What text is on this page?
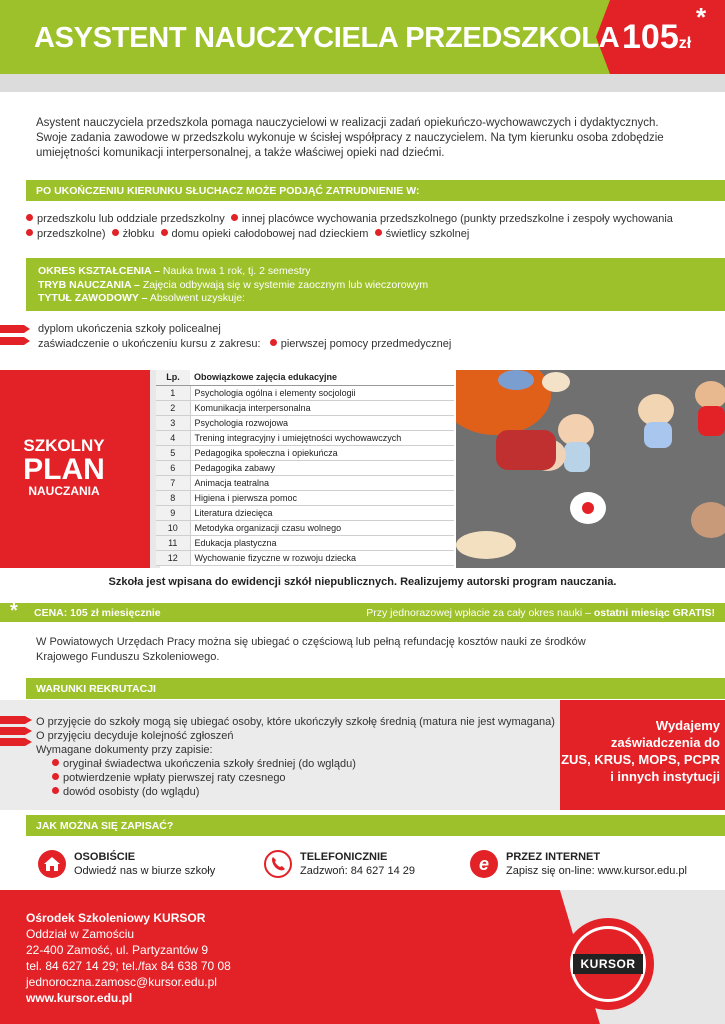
ASYSTENT NAUCZYCIELA PRZEDSZKOLA 105zł
*
Asystent nauczyciela przedszkola pomaga nauczycielowi w realizacji zadań opiekuńczo-wychowawczych i dydaktycznych.
Swoje zadania zawodowe w przedszkolu wykonuje w ścisłej współpracy z nauczycielem. Na tym kierunku osoba zdobędzie
umiejętności komunikacji interpersonalnej, a także właściwej opieki nad dziećmi.
PO UKOŃCZENIU KIERUNKU SŁUCHACZ MOŻE PODJĄĆ ZATRUDNIENIE W:
przedszkolu lub oddziale przedszkolny innej placówce wychowania przedszkolnego (punkty przedszkolne i zespoły wychowania
przedszkolne) żłobku domu opieki całodobowej nad dzieckiem świetlicy szkolnej
OKRES KSZTAŁCENIA – Nauka trwa 1 rok, tj. 2 semestry
TRYB NAUCZANIA – Zajęcia odbywają się w systemie zaocznym lub wieczorowym
TYTUŁ ZAWODOWY – Absolwent uzyskuje:
dyplom ukończenia szkoły policealnej
zaświadczenie o ukończeniu kursu z zakresu: pierwszej pomocy przedmedycznej
SZKOLNY
PLAN
NAUCZANIA
Lp.	Obowiązkowe zajęcia edukacyjne
1	Psychologia ogólna i elementy socjologii
2	Komunikacja interpersonalna
3	Psychologia rozwojowa
4	Trening integracyjny i umiejętności wychowawczych
5	Pedagogika społeczna i opiekuńcza
6	Pedagogika zabawy
7	Animacja teatralna
8	Higiena i pierwsza pomoc
9	Literatura dziecięca
10	Metodyka organizacji czasu wolnego
11	Edukacja plastyczna
12	Wychowanie fizyczne w rozwoju dziecka
Szkoła jest wpisana do ewidencji szkół niepublicznych. Realizujemy autorski program nauczania.
* CENA: 105 zł miesięcznie	Przy jednorazowej wpłacie za cały okres nauki – ostatni miesiąc GRATIS!
W Powiatowych Urzędach Pracy można się ubiegać o częściową lub pełną refundację kosztów nauki ze środków
Krajowego Funduszu Szkoleniowego.
WARUNKI REKRUTACJI
O przyjęcie do szkoły mogą się ubiegać osoby, które ukończyły szkołę średnią (matura nie jest wymagana)
O przyjęciu decyduje kolejność zgłoszeń
Wymagane dokumenty przy zapisie:
oryginał świadectwa ukończenia szkoły średniej (do wglądu)
potwierdzenie wpłaty pierwszej raty czesnego
dowód osobisty (do wglądu)
Wydajemy
zaświadczenia do
ZUS, KRUS, MOPS, PCPR
i innych instytucji
JAK MOŻNA SIĘ ZAPISAĆ?
OSOBIŚCIE
Odwiedź nas w biurze szkoły
TELEFONICZNIE
Zadzwoń: 84 627 14 29	e PRZEZ INTERNET
Zapisz się on-line: www.kursor.edu.pl
Ośrodek Szkoleniowy KURSOR
Oddział w Zamościu
22-400 Zamość, ul. Partyzantów 9
tel. 84 627 14 29; tel./fax 84 638 70 08
jednoroczna.zamosc@kursor.edu.pl
www.kursor.edu.pl
KURSOR
